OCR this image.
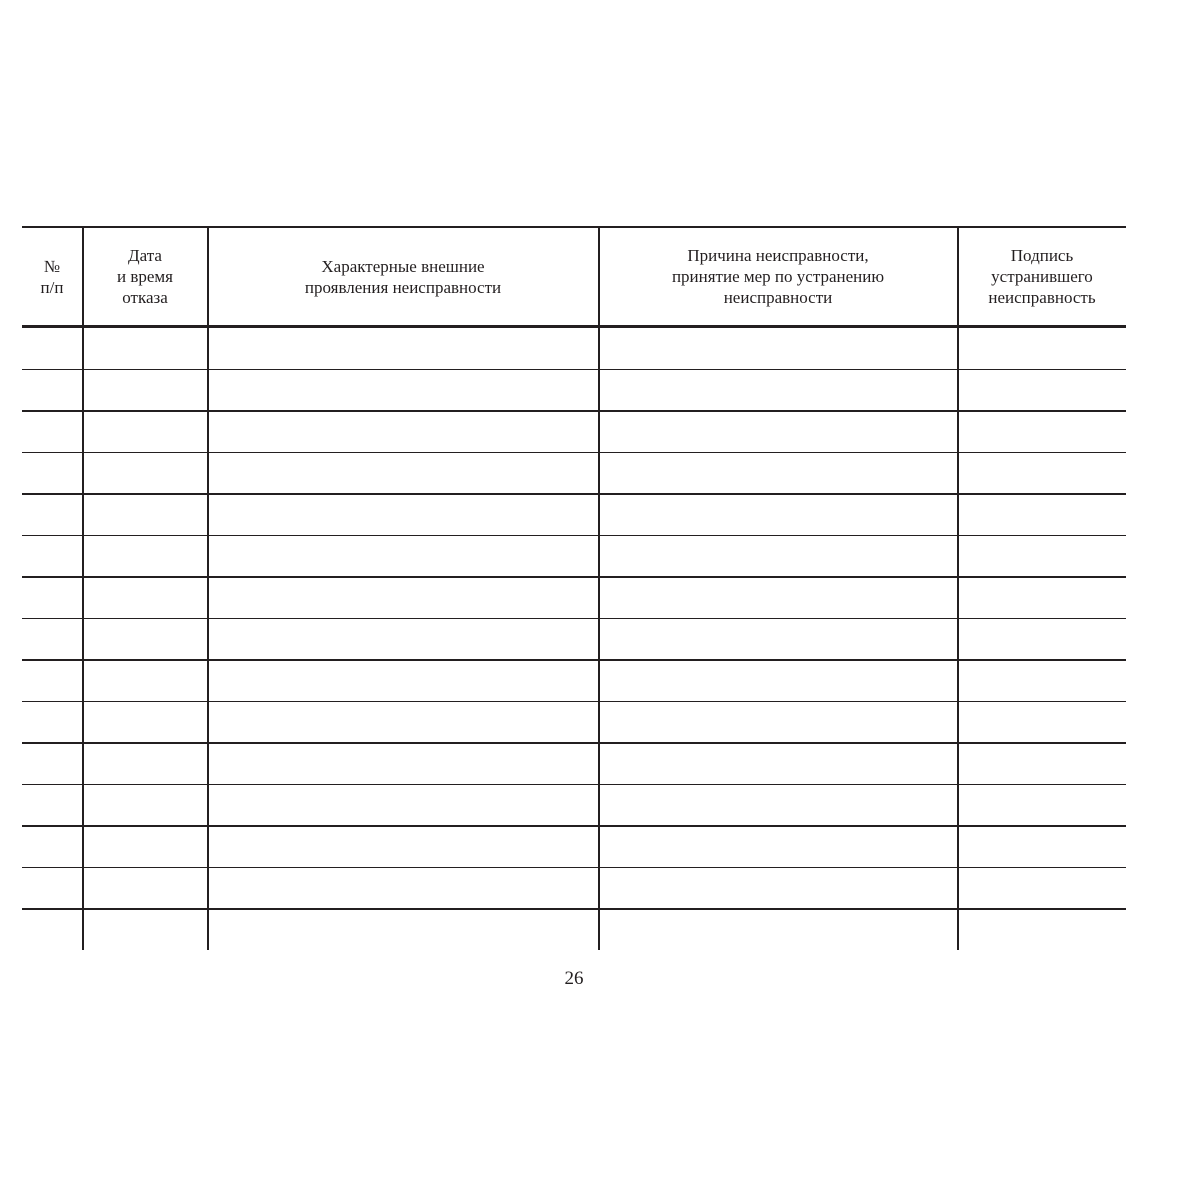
№
п/п
Дата
и время
отказа
Характерные внешние
проявления неисправности
Причина неисправности,
принятие мер по устранению
неисправности
Подпись
устранившего
неисправность
26
